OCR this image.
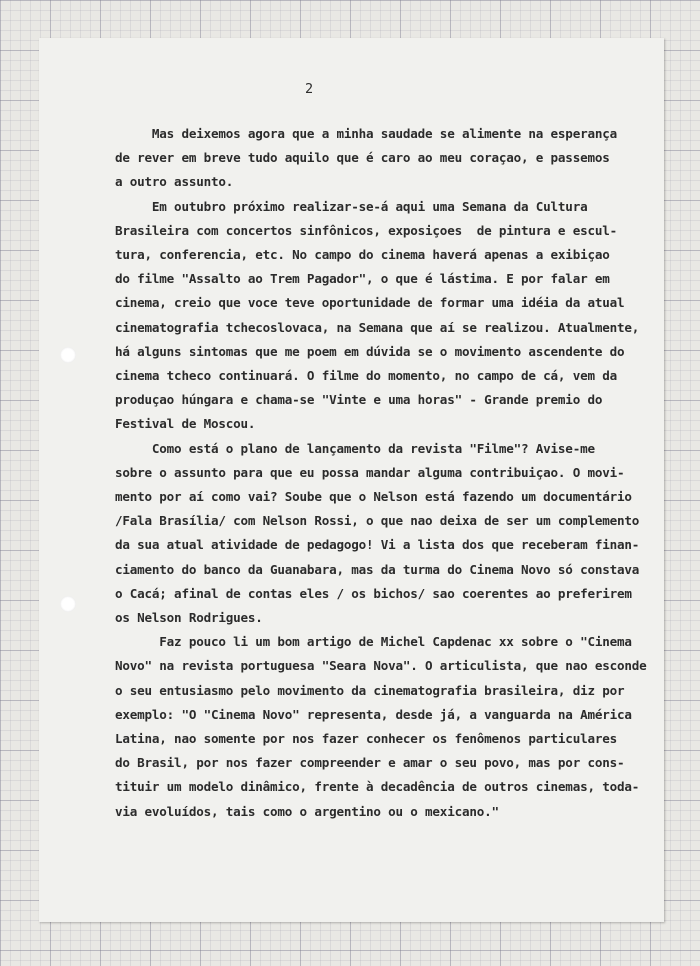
2
Mas deixemos agora que a minha saudade se alimente na esperança
de rever em breve tudo aquilo que é caro ao meu coraçao, e passemos
a outro assunto.
Em outubro próximo realizar-se-á aqui uma Semana da Cultura
Brasileira com concertos sinfônicos, exposiçoes  de pintura e escul-
tura, conferencia, etc. No campo do cinema haverá apenas a exibiçao
do filme "Assalto ao Trem Pagador", o que é lástima. E por falar em
cinema, creio que voce teve oportunidade de formar uma idéia da atual
cinematografia tchecoslovaca, na Semana que aí se realizou. Atualmente,
há alguns sintomas que me poem em dúvida se o movimento ascendente do
cinema tcheco continuará. O filme do momento, no campo de cá, vem da
produçao húngara e chama-se "Vinte e uma horas" - Grande premio do
Festival de Moscou.
Como está o plano de lançamento da revista "Filme"? Avise-me
sobre o assunto para que eu possa mandar alguma contribuiçao. O movi-
mento por aí como vai? Soube que o Nelson está fazendo um documentário
/Fala Brasília/ com Nelson Rossi, o que nao deixa de ser um complemento
da sua atual atividade de pedagogo! Vi a lista dos que receberam finan-
ciamento do banco da Guanabara, mas da turma do Cinema Novo só constava
o Cacá; afinal de contas eles / os bichos/ sao coerentes ao preferirem
os Nelson Rodrigues.
Faz pouco li um bom artigo de Michel Capdenac xx sobre o "Cinema
Novo" na revista portuguesa "Seara Nova". O articulista, que nao esconde
o seu entusiasmo pelo movimento da cinematografia brasileira, diz por
exemplo: "O "Cinema Novo" representa, desde já, a vanguarda na América
Latina, nao somente por nos fazer conhecer os fenômenos particulares
do Brasil, por nos fazer compreender e amar o seu povo, mas por cons-
tituir um modelo dinâmico, frente à decadência de outros cinemas, toda-
via evoluídos, tais como o argentino ou o mexicano."
